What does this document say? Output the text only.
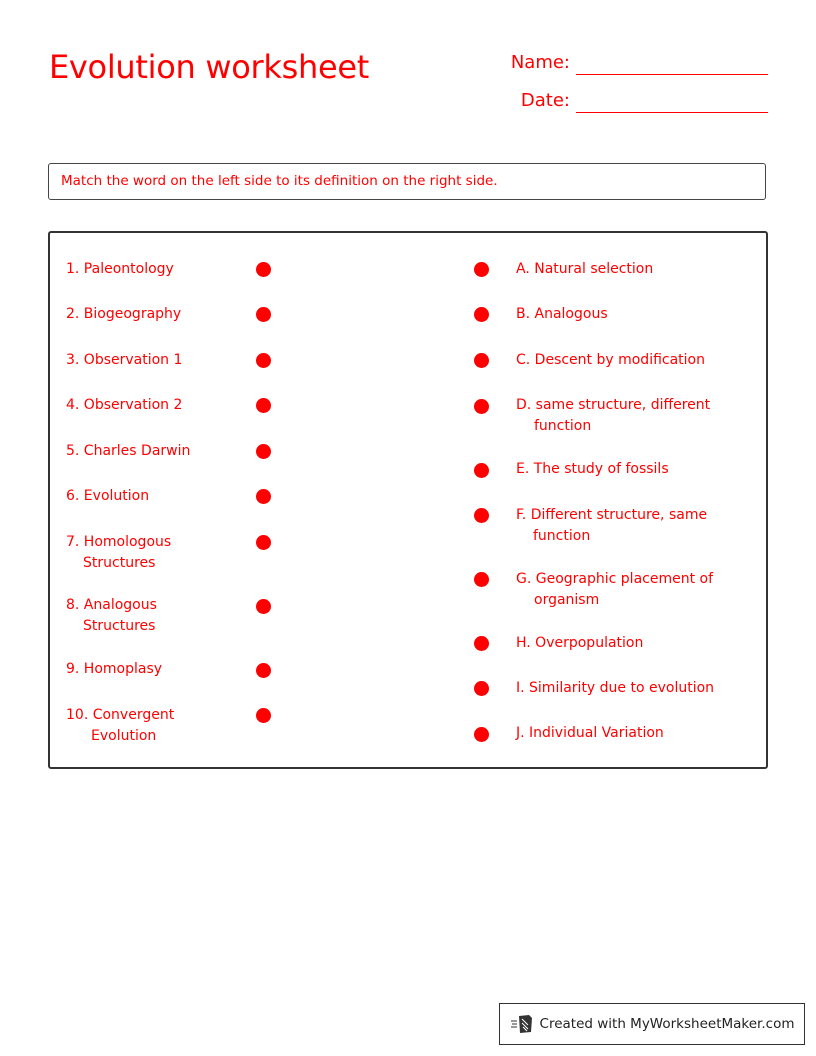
Evolution worksheet	Name:
Date:
Match the word on the left side to its definition on the right side.
1. Paleontology
2. Biogeography
3. Observation 1
4. Observation 2
5. Charles Darwin
6. Evolution
7. Homologous
Structures
8. Analogous
Structures
9. Homoplasy
10. Convergent
Evolution
A. Natural selection
B. Analogous
C. Descent by modification
D. same structure, different
function
E. The study of fossils
F. Different structure, same
function
G. Geographic placement of
organism
H. Overpopulation
I. Similarity due to evolution
J. Individual Variation
Created with MyWorksheetMaker.com
